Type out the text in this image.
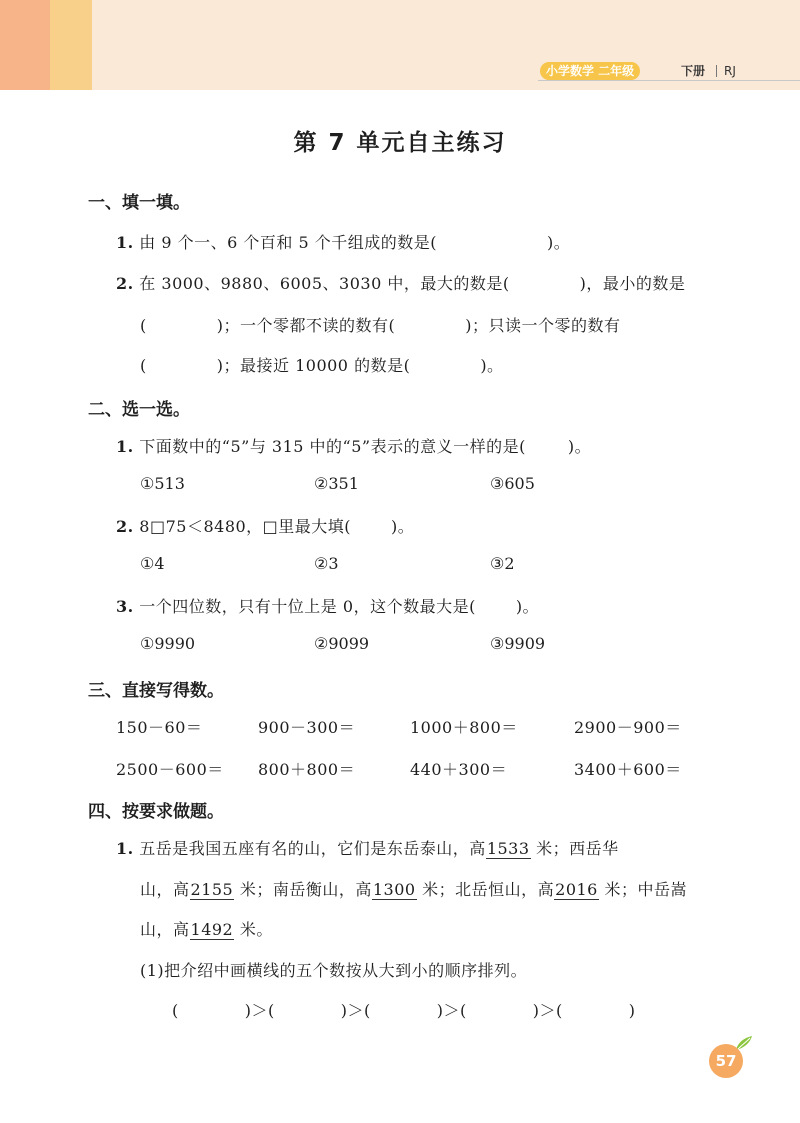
小学数学 二年级	下册 RJ
第 7 单元自主练习
一、填一填。
1. 由 9 个一、6 个百和 5 个千组成的数是(	)。
2. 在 3000、9880、6005、3030 中，最大的数是(	)，最小的数是
(	)；一个零都不读的数有(	)；只读一个零的数有
(	)；最接近 10000 的数是(	)。
二、选一选。
1. 下面数中的“5”与 315 中的“5”表示的意义一样的是(	)。
①513	②351	③605
2. 8□75＜8480，□里最大填(	)。
①4	②3	③2
3. 一个四位数，只有十位上是 0，这个数最大是(	)。
①9990	②9099	③9909
三、直接写得数。
150－60＝	900－300＝	1000＋800＝	2900－900＝
2500－600＝ 800＋800＝	440＋300＝	3400＋600＝
四、按要求做题。
1. 五岳是我国五座有名的山，它们是东岳泰山，高1533 米；西岳华
山，高2155 米；南岳衡山，高1300 米；北岳恒山，高2016 米；中岳嵩
山，高1492 米。
(1)把介绍中画横线的五个数按从大到小的顺序排列。
(	)＞(	)＞(	)＞(	)＞(	)
57
